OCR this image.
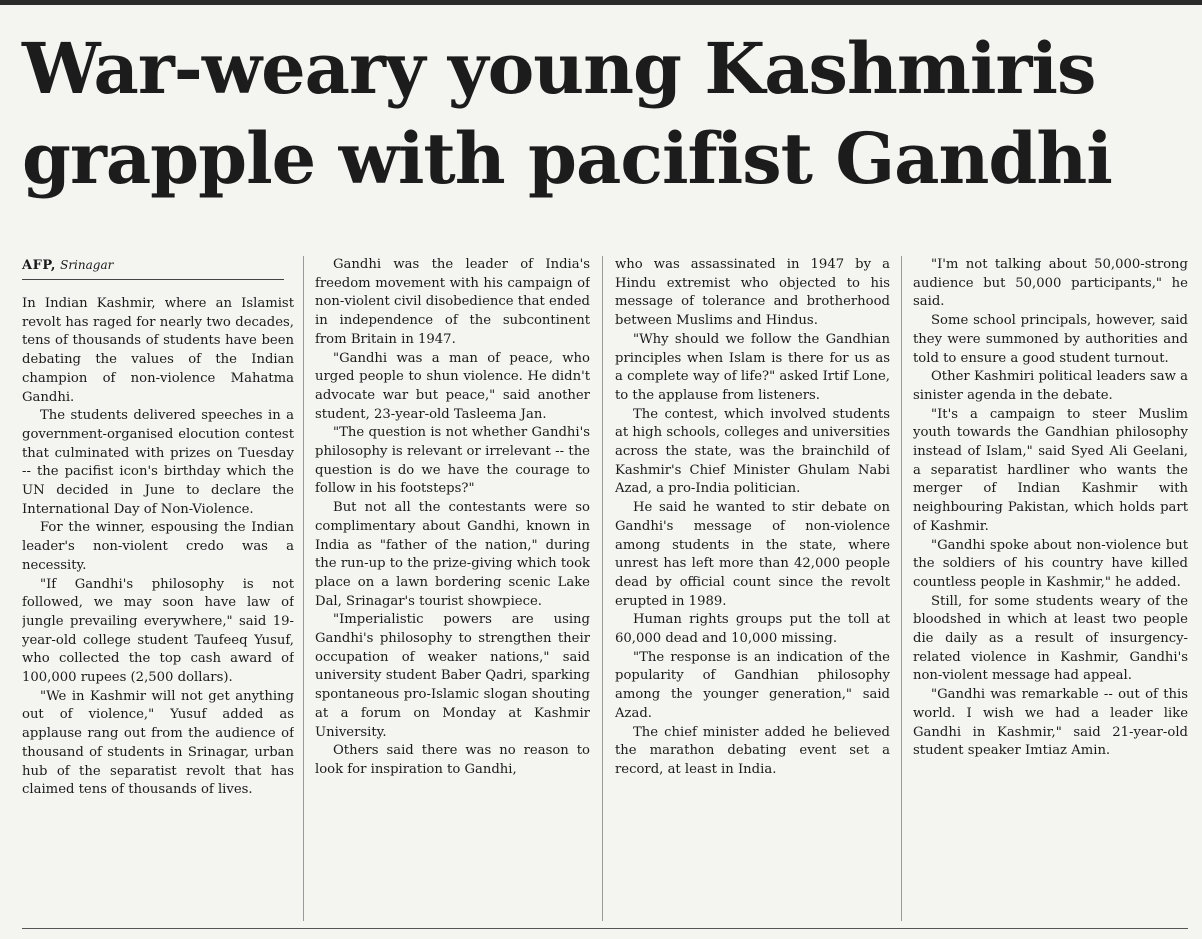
War-weary young Kashmiris
grapple with pacifist Gandhi
AFP, Srinagar

In Indian Kashmir, where an Islamist revolt has raged for nearly two decades, tens of thousands of students have been debating the values of the Indian champion of non-violence Mahatma Gandhi.

The students delivered speeches in a government-organised elocution contest that culminated with prizes on Tuesday -- the pacifist icon's birthday which the UN decided in June to declare the International Day of Non-Violence.

For the winner, espousing the Indian leader's non-violent credo was a necessity.

"If Gandhi's philosophy is not followed, we may soon have law of jungle prevailing everywhere," said 19-year-old college student Taufeeq Yusuf, who collected the top cash award of 100,000 rupees (2,500 dollars).

"We in Kashmir will not get anything out of violence," Yusuf added as applause rang out from the audience of thousand of students in Srinagar, urban hub of the separatist revolt that has claimed tens of thousands of lives.

Gandhi was the leader of India's freedom movement with his campaign of non-violent civil disobedience that ended in independence of the subcontinent from Britain in 1947.

"Gandhi was a man of peace, who urged people to shun violence. He didn't advocate war but peace," said another student, 23-year-old Tasleema Jan.

"The question is not whether Gandhi's philosophy is relevant or irrelevant -- the question is do we have the courage to follow in his footsteps?"

But not all the contestants were so complimentary about Gandhi, known in India as "father of the nation," during the run-up to the prize-giving which took place on a lawn bordering scenic Lake Dal, Srinagar's tourist showpiece.

"Imperialistic powers are using Gandhi's philosophy to strengthen their occupation of weaker nations," said university student Baber Qadri, sparking spontaneous pro-Islamic slogan shouting at a forum on Monday at Kashmir University.

Others said there was no reason to look for inspiration to Gandhi,

who was assassinated in 1947 by a Hindu extremist who objected to his message of tolerance and brotherhood between Muslims and Hindus.

"Why should we follow the Gandhian principles when Islam is there for us as a complete way of life?" asked Irtif Lone, to the applause from listeners.

The contest, which involved students at high schools, colleges and universities across the state, was the brainchild of Kashmir's Chief Minister Ghulam Nabi Azad, a pro-India politician.

He said he wanted to stir debate on Gandhi's message of non-violence among students in the state, where unrest has left more than 42,000 people dead by official count since the revolt erupted in 1989.

Human rights groups put the toll at 60,000 dead and 10,000 missing.

"The response is an indication of the popularity of Gandhian philosophy among the younger generation," said Azad.

The chief minister added he believed the marathon debating event set a record, at least in India.

"I'm not talking about 50,000-strong audience but 50,000 participants," he said.

Some school principals, however, said they were summoned by authorities and told to ensure a good student turnout.

Other Kashmiri political leaders saw a sinister agenda in the debate.

"It's a campaign to steer Muslim youth towards the Gandhian philosophy instead of Islam," said Syed Ali Geelani, a separatist hardliner who wants the merger of Indian Kashmir with neighbouring Pakistan, which holds part of Kashmir.

"Gandhi spoke about non-violence but the soldiers of his country have killed countless people in Kashmir," he added.

Still, for some students weary of the bloodshed in which at least two people die daily as a result of insurgency-related violence in Kashmir, Gandhi's non-violent message had appeal.

"Gandhi was remarkable -- out of this world. I wish we had a leader like Gandhi in Kashmir," said 21-year-old student speaker Imtiaz Amin.
